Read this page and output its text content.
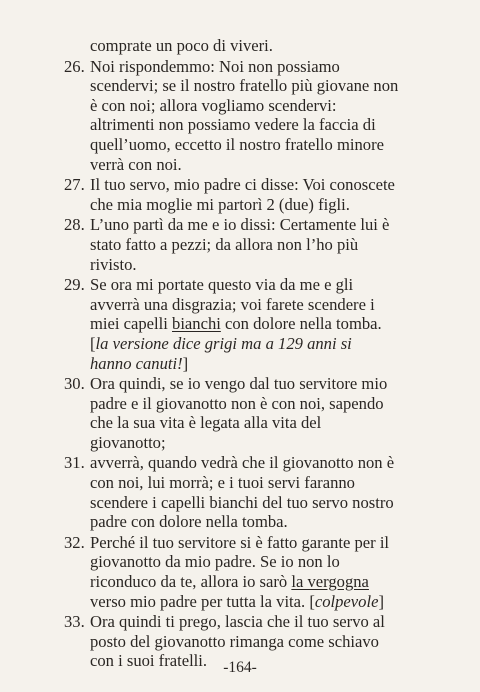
comprate un poco di viveri.
26. Noi rispondemmo: Noi non possiamo
scendervi; se il nostro fratello più giovane non
è con noi; allora vogliamo scendervi:
altrimenti non possiamo vedere la faccia di
quell’uomo, eccetto il nostro fratello minore
verrà con noi.
27. Il tuo servo, mio padre ci disse: Voi conoscete
che mia moglie mi partorì 2 (due) figli.
28. L’uno partì da me e io dissi: Certamente lui è
stato fatto a pezzi; da allora non l’ho più
rivisto.
29. Se ora mi portate questo via da me e gli
avverrà una disgrazia; voi farete scendere i
miei capelli bianchi con dolore nella tomba.
[la versione dice grigi ma a 129 anni si
hanno canuti!]
30. Ora quindi, se io vengo dal tuo servitore mio
padre e il giovanotto non è con noi, sapendo
che la sua vita è legata alla vita del
giovanotto;
31. avverrà, quando vedrà che il giovanotto non è
con noi, lui morrà; e i tuoi servi faranno
scendere i capelli bianchi del tuo servo nostro
padre con dolore nella tomba.
32. Perché il tuo servitore si è fatto garante per il
giovanotto da mio padre. Se io non lo
riconduco da te, allora io sarò la vergogna
verso mio padre per tutta la vita. [colpevole]
33. Ora quindi ti prego, lascia che il tuo servo al
posto del giovanotto rimanga come schiavo
con i suoi fratelli.	-164-
